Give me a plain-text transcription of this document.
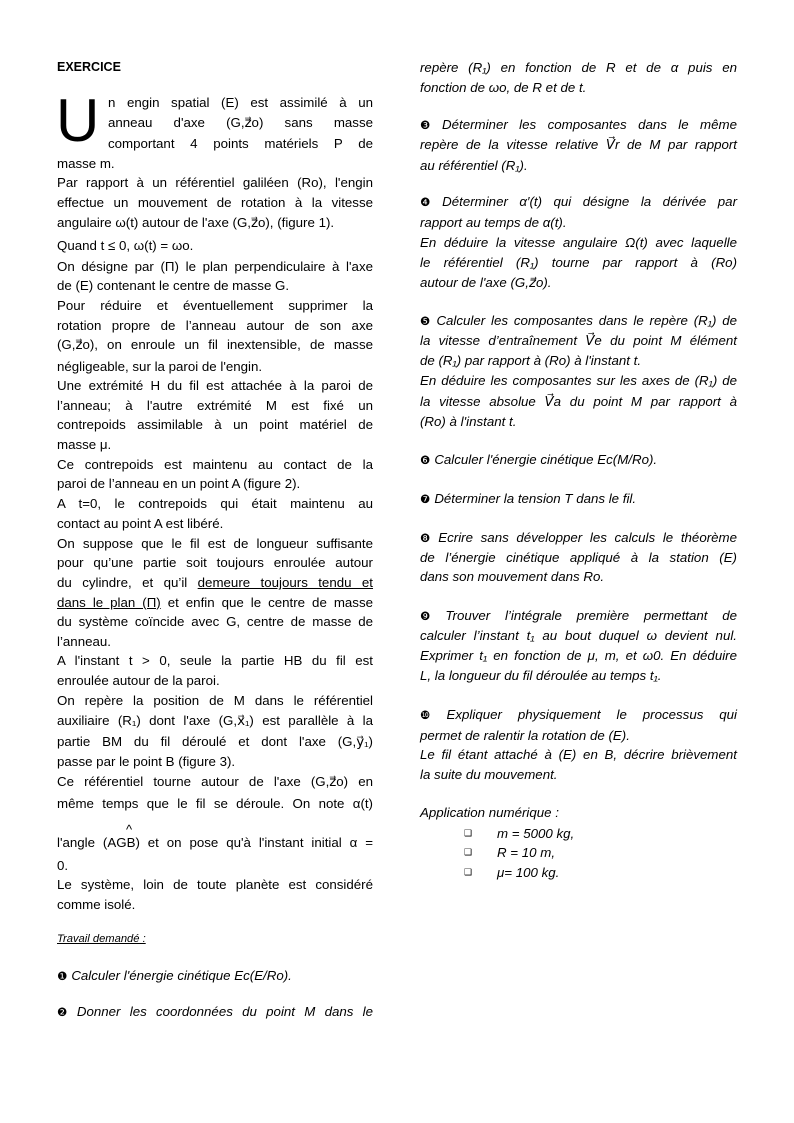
EXERCICE
U n engin spatial (E) est assimilé à un
anneau d'axe (G,z⃗o) sans masse
comportant 4 points matériels P de
masse m.
Par rapport à un référentiel galiléen (Ro), l'engin
effectue un mouvement de rotation à la vitesse
angulaire ω(t) autour de l'axe (G,z⃗o), (figure 1).
Quand t ≤ 0, ω(t) = ωo.
On désigne par (Π) le plan perpendiculaire à l'axe
de (E) contenant le centre de masse G.
Pour réduire et éventuellement supprimer la
rotation propre de l’anneau autour de son axe
(G,z⃗o), on enroule un fil inextensible, de masse
négligeable, sur la paroi de l'engin.
Une extrémité H du fil est attachée à la paroi de
l’anneau; à l'autre extrémité M est fixé un
contrepoids assimilable à un point matériel de
masse μ.
Ce contrepoids est maintenu au contact de la
paroi de l’anneau en un point A (figure 2).
A t=0, le contrepoids qui était maintenu au
contact au point A est libéré.
On suppose que le fil est de longueur suffisante
pour qu’une partie soit toujours enroulée autour
du cylindre, et qu’il demeure toujours tendu et
dans le plan (Π) et enfin que le centre de masse
du système coïncide avec G, centre de masse de
l’anneau.
A l'instant t > 0, seule la partie HB du fil est
enroulée autour de la paroi.
On repère la position de M dans le référentiel
auxiliaire (R₁) dont l'axe (G,x⃗₁) est parallèle à la
partie BM du fil déroulé et dont l'axe (G,y⃗₁)
passe par le point B (figure 3).
Ce référentiel tourne autour de l'axe (G,z⃗o) en
même temps que le fil se déroule. On note α(t)
^
l'angle (AGB) et on pose qu'à l'instant initial α =
0.
Le système, loin de toute planète est considéré
comme isolé.
Travail demandé :
❶ Calculer l'énergie cinétique Ec(E/Ro).
❷ Donner les coordonnées du point M dans le
repère (R₁) en fonction de R et de α puis en
fonction de ωo, de R et de t.
❸ Déterminer les composantes dans le même
repère de la vitesse relative V⃗r de M par rapport
au référentiel (R₁).
❹ Déterminer α′(t) qui désigne la dérivée par
rapport au temps de α(t).
En déduire la vitesse angulaire Ω(t) avec laquelle
le référentiel (R₁) tourne par rapport à (Ro)
autour de l'axe (G,z⃗o).
❺ Calculer les composantes dans le repère (R₁) de
la vitesse d’entraînement V⃗e du point M élément
de (R₁) par rapport à (Ro) à l'instant t.
En déduire les composantes sur les axes de (R₁) de
la vitesse absolue V⃗a du point M par rapport à
(Ro) à l'instant t.
❻ Calculer l'énergie cinétique Ec(M/Ro).
❼ Déterminer la tension T dans le fil.
❽ Ecrire sans développer les calculs le théorème
de l’énergie cinétique appliqué à la station (E)
dans son mouvement dans Ro.
❾ Trouver l’intégrale première permettant de
calculer l’instant t₁ au bout duquel ω devient nul.
Exprimer t₁ en fonction de μ, m, et ω0. En déduire
L, la longueur du fil déroulée au temps t₁.
❿ Expliquer physiquement le processus qui
permet de ralentir la rotation de (E).
Le fil étant attaché à (E) en B, décrire brièvement
la suite du mouvement.
Application numérique :
❑ m = 5000 kg,
❑ R = 10 m,
❑ μ= 100 kg.
